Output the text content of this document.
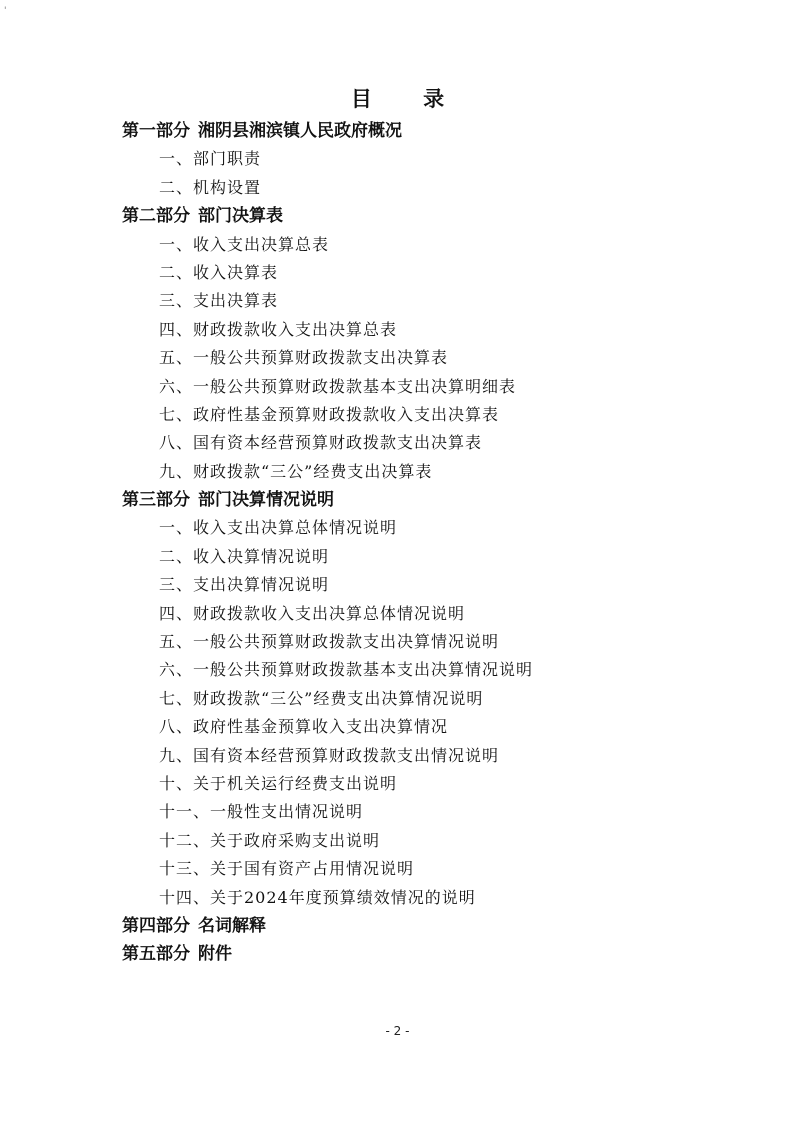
'
目 录
第一部分 湘阴县湘滨镇人民政府概况
一、部门职责
二、机构设置
第二部分 部门决算表
一、收入支出决算总表
二、收入决算表
三、支出决算表
四、财政拨款收入支出决算总表
五、一般公共预算财政拨款支出决算表
六、一般公共预算财政拨款基本支出决算明细表
七、政府性基金预算财政拨款收入支出决算表
八、国有资本经营预算财政拨款支出决算表
九、财政拨款“三公”经费支出决算表
第三部分 部门决算情况说明
一、收入支出决算总体情况说明
二、收入决算情况说明
三、支出决算情况说明
四、财政拨款收入支出决算总体情况说明
五、一般公共预算财政拨款支出决算情况说明
六、一般公共预算财政拨款基本支出决算情况说明
七、财政拨款“三公”经费支出决算情况说明
八、政府性基金预算收入支出决算情况
九、国有资本经营预算财政拨款支出情况说明
十、关于机关运行经费支出说明
十一、一般性支出情况说明
十二、关于政府采购支出说明
十三、关于国有资产占用情况说明
十四、关于2024年度预算绩效情况的说明
第四部分 名词解释
第五部分 附件
- 2 -
